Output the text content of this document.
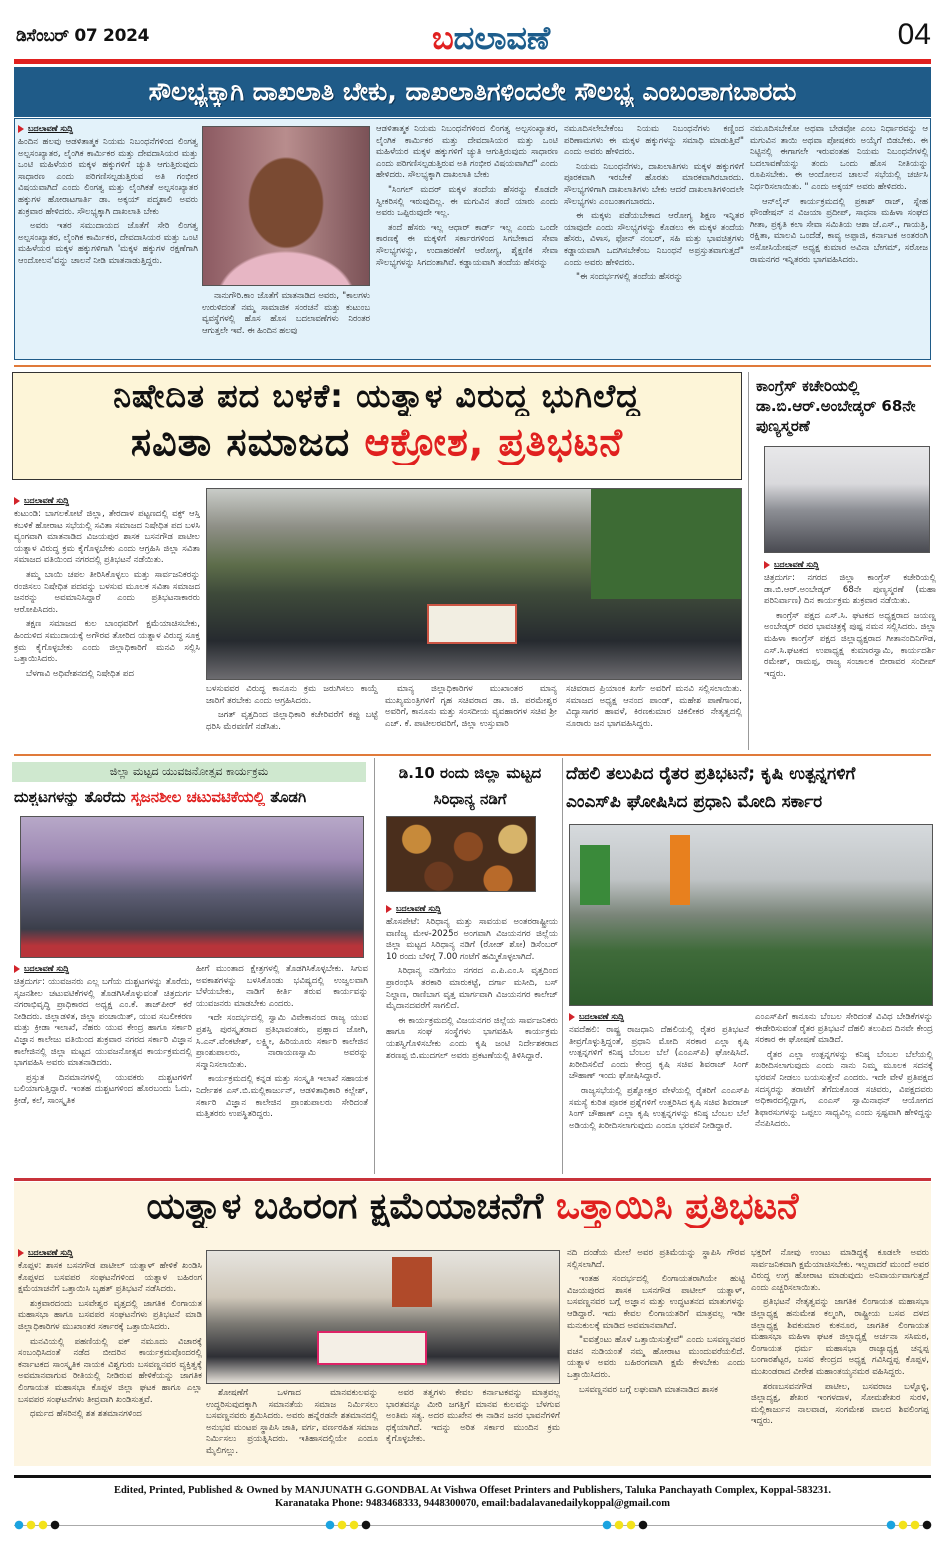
ಡಿಸೆಂಬರ್ 07 2024	ಬದಲಾವಣೆ	04
ಸೌಲಭ್ಯಕ್ಕಾಗಿ ದಾಖಲಾತಿ ಬೇಕು, ದಾಖಲಾತಿಗಳಿಂದಲೇ ಸೌಲಭ್ಯ ಎಂಬಂತಾಗಬಾರದು
ಬದಲಾವಣೆ ಸುದ್ದಿ

ಹಿಂದಿನ ಹಲವು ಆಡಳಿತಾತ್ಮಕ ನಿಯಮ ನಿಬಂಧನೆಗಳಿಂದ ಲಿಂಗತ್ವ ಅಲ್ಪಸಂಖ್ಯಾತರ, ಲೈಂಗಿಕ ಕಾರ್ಮಿಕರ ಮತ್ತು ದೇವದಾಸಿಯರ ಮತ್ತು ಒಂಟಿ ಮಹಿಳೆಯರ ಮಕ್ಕಳ ಹಕ್ಕುಗಳಿಗೆ ಚ್ಯುತಿ ಆಗುತ್ತಿರುವುದು ಸಾಧಾರಣ ಎಂದು ಪರಿಗಣಿಸಲ್ಪಡುತ್ತಿರುವ ಅತಿ ಗಂಭೀರ ವಿಷಯವಾಗಿದೆ ಎಂದು ಲಿಂಗತ್ವ ಮತ್ತು ಲೈಂಗಿಕತೆ ಅಲ್ಪಸಂಖ್ಯಾತರ ಹಕ್ಕುಗಳ ಹೋರಾಟಗಾರ್ತಿ ಡಾ. ಅಕ್ಕಯ್ ಪದ್ಮಶಾಲಿ ಅವರು ಶುಕ್ರವಾರ ಹೇಳಿದರು. ಸೌಲಭ್ಯಕ್ಕಾಗಿ ದಾಖಲಾತಿ ಬೇಕು

ಅವರು ಇತರ ಸಮುದಾಯದ ಜೊತೆಗೆ ಸೇರಿ ಲಿಂಗತ್ವ ಅಲ್ಪಸಂಖ್ಯಾತರ, ಲೈಂಗಿಕ ಕಾರ್ಮಿಕರ, ದೇವದಾಸಿಯರ ಮತ್ತು ಒಂಟಿ ಮಹಿಳೆಯರ ಮಕ್ಕಳ ಹಕ್ಕುಗಳಿಗಾಗಿ 'ಮಕ್ಕಳ ಹಕ್ಕುಗಳ ರಕ್ಷಣೆಗಾಗಿ ಆಂದೋಲನ'ವನ್ನು ಚಾಲನೆ ನೀಡಿ ಮಾತನಾಡುತ್ತಿದ್ದರು.

ನಾನುಗೌರಿ.ಕಾಂ ಜೊತೆಗೆ ಮಾತನಾಡಿದ ಅವರು, "ಕಾಲಗಳು ಉರುಳಿದಂತೆ ನಮ್ಮ ಸಾಮಾಜಿಕ ಸಂರಚನೆ ಮತ್ತು ಕುಟುಂಬ ವ್ಯವಸ್ಥೆಗಳಲ್ಲಿ ಹೊಸ ಹೊಸ ಬದಲಾವಣೆಗಳು ನಿರಂತರ ಆಗುತ್ತಲೇ ಇವೆ. ಈ ಹಿಂದಿನ ಹಲವು

ಆಡಳಿತಾತ್ಮಕ ನಿಯಮ ನಿಬಂಧನೆಗಳಿಂದ ಲಿಂಗತ್ವ ಅಲ್ಪಸಂಖ್ಯಾತರ, ಲೈಂಗಿಕ ಕಾರ್ಮಿಕರ ಮತ್ತು ದೇವದಾಸಿಯರ ಮತ್ತು ಒಂಟಿ ಮಹಿಳೆಯರ ಮಕ್ಕಳ ಹಕ್ಕುಗಳಿಗೆ ಚ್ಯುತಿ ಆಗುತ್ತಿರುವುದು ಸಾಧಾರಣ ಎಂದು ಪರಿಗಣಿಸಲ್ಪಡುತ್ತಿರುವ ಅತಿ ಗಂಭೀರ ವಿಷಯವಾಗಿದೆ" ಎಂದು ಹೇಳಿದರು. ಸೌಲಭ್ಯಕ್ಕಾಗಿ ದಾಖಲಾತಿ ಬೇಕು

"ಸಿಂಗಲ್ ಮದರ್ ಮಕ್ಕಳ ತಂದೆಯ ಹೆಸರನ್ನು ಕೊಡದೇ ಸ್ವೀಕರಿಸಲ್ಲಿ ಇರುವುದಿಲ್ಲ. ಈ ಮಗುವಿನ ತಂದೆ ಯಾರು ಎಂದು ಅವರು ಒಪ್ಪಿರುವುದೇ ಇಲ್ಲ.

ತಂದೆ ಹೆಸರು ಇಲ್ಲ ಆಧಾರ್ ಕಾರ್ಡ್ ಇಲ್ಲ ಎಂದು ಒಂದೇ ಕಾರಣಕ್ಕೆ ಈ ಮಕ್ಕಳಿಗೆ ಸರ್ಕಾರಗಳಿಂದ ಸಿಗಬೇಕಾದ ಸೇವಾ ಸೌಲಭ್ಯಗಳನ್ನು, ಉದಾಹರಣೆಗೆ ಆರೋಗ್ಯ, ಶೈಕ್ಷಣಿಕ ಸೇವಾ ಸೌಲಭ್ಯಗಳನ್ನು ಸಿಗದಂತಾಗಿವೆ. ಕಡ್ಡಾಯವಾಗಿ ತಂದೆಯ ಹೆಸರನ್ನು

ನಮೂದಿಸಲೇಬೇಕೆಂಬ ನಿಯಮ ನಿಬಂಧನೆಗಳು ಕಣ್ಣಿಂದ ಪರಿಣಾಮಗಳು ಈ ಮಕ್ಕಳ ಹಕ್ಕುಗಳನ್ನು ಸಮಾಧಿ ಮಾಡುತ್ತಿವೆ" ಎಂದು ಅವರು ಹೇಳಿದರು.

ನಿಯಮ ನಿಬಂಧನೆಗಳು, ದಾಖಲಾತಿಗಳು ಮಕ್ಕಳ ಹಕ್ಕುಗಳಿಗೆ ಪೂರಕವಾಗಿ ಇರಬೇಕೆ ಹೊರತು ಮಾರಕವಾಗಿರಬಾರದು. ಸೌಲಭ್ಯಗಳಿಗಾಗಿ ದಾಖಲಾತಿಗಳು ಬೇಕು ಆದರೆ ದಾಖಲಾತಿಗಳಿಂದಲೇ ಸೌಲಭ್ಯಗಳು ಎಂಬಂತಾಗಬಾರದು.

ಈ ಮಕ್ಕಳು ಪಡೆಯಬೇಕಾದ ಆರೋಗ್ಯ ಶಿಕ್ಷಣ ಇನ್ನಿತರ ಯಾವುದೇ ಎಂದು ಸೌಲಭ್ಯಗಳನ್ನು ಕೊಡಲು ಈ ಮಕ್ಕಳ ತಂದೆಯ ಹೆಸರು, ವಿಳಾಸ, ಫೋನ್ ನಂಬರ್, ಸಹಿ ಮತ್ತು ಭಾವಚಿತ್ರಗಳು ಕಡ್ಡಾಯವಾಗಿ ಒದಗಿಸಬೇಕೆಂಬ ನಿಬಂಧನೆ ಅಪ್ರಸ್ತುತವಾಗುತ್ತದೆ" ಎಂದು ಅವರು ಹೇಳಿದರು.

"ಈ ಸಂದರ್ಭಗಳಲ್ಲಿ ತಂದೆಯ ಹೆಸರನ್ನು

ನಮೂದಿಸಬೇಕೋ ಅಥವಾ ಬೇಡವೋ ಎಂಬ ನಿರ್ಧಾರವನ್ನು ಆ ಮಗುವಿನ ತಾಯಿ ಅಥವಾ ಪೋಷಕರು ಅಯ್ಕೆಗೆ ಬಿಡಬೇಕು. ಈ ನಿಟ್ಟಿನಲ್ಲಿ ಈಗಾಗಲೇ ಇರುವಂತಹ ನಿಯಮ ನಿಬಂಧನೆಗಳಲ್ಲಿ ಬದಲಾವಣೆಯನ್ನು ತಂದು ಒಂದು ಹೊಸ ನೀತಿಯನ್ನು ರೂಪಿಸಬೇಕು. ಈ ಆಂದೋಲನ ಚಾಲನೆ ಸಭೆಯಲ್ಲಿ ಚರ್ಚಿಸಿ ನಿರ್ಧರಿಸಲಾಯಿತು. " ಎಂದು ಅಕ್ಕಯ್ ಅವರು ಹೇಳಿದರು.

ಆನ್‌ಲೈನ್ ಕಾರ್ಯಕ್ರಮದಲ್ಲಿ ಪ್ರಕಾಶ್ ರಾಜ್, ಸ್ನೇಹ ಫೌಂಡೇಷನ್ ನ ವಿಜಯಾ ಪ್ರದೀಪ್, ಸಾಧನಾ ಮಹಿಳಾ ಸಂಘದ ಗೀತಾ, ಪ್ರಕೃತಿ ಕಲಾ ಸೇವಾ ಸಮಿತಿಯ ಆಶಾ ಜೆ.ಎಸ್., ಗಾಯತ್ರಿ, ರಕ್ಷಿತಾ, ಮಾಲವಿ ಒಂದೆಡೆ, ಕಾವ್ಯ ಅಪ್ಪಾಜಿ, ಕರ್ನಾಟಕ ಅಂತರಂಗಿ ಅಸೋಸಿಯೇಷನ್ ಅಧ್ಯಕ್ಷ ಕುಮಾರ ಅವಿನಾ ಬೇಗಮ್, ಸರೋಜ ರಾಮನಗರ ಇನ್ನಿತರರು ಭಾಗವಹಿಸಿದರು.

ನಿಷೇದಿತ ಪದ ಬಳಕೆ: ಯತ್ನಾಳ ವಿರುದ್ಧ ಭುಗಿಲೆದ್ದ
ಸವಿತಾ ಸಮಾಜದ ಆಕ್ರೋಶ, ಪ್ರತಿಭಟನೆ
ಬದಲಾವಣೆ ಸುದ್ದಿ

ಕುಟುಂಡಿ: ಬಾಗಲಕೋಟೆ ಜಿಲ್ಲಾ, ತೇರದಾಳ ಪಟ್ಟಣದಲ್ಲಿ ವಕ್ಫ್ ಆಸ್ತಿ ಕಬಳಿಕೆ ಹೋರಾಟ ಸಭೆಯಲ್ಲಿ ಸವಿತಾ ಸಮಾಜದ ನಿಷೇಧಿತ ಪದ ಬಳಸಿ ವ್ಯಂಗವಾಗಿ ಮಾತನಾಡಿದ ವಿಜಯಪುರ ಶಾಸಕ ಬಸನಗೌಡ ಪಾಟೀಲ ಯತ್ನಾಳ ವಿರುದ್ಧ ಕ್ರಮ ಕೈಗೊಳ್ಳಬೇಕು ಎಂದು ಆಗ್ರಹಿಸಿ ಜಿಲ್ಲಾ ಸವಿತಾ ಸಮಾಜದ ವತಿಯಿಂದ ನಗರದಲ್ಲಿ ಪ್ರತಿಭಟನೆ ನಡೆಯಿತು.

ತಮ್ಮ ಬಾಯಿ ಚಪಲ ತೀರಿಸಿಕೊಳ್ಳಲು ಮತ್ತು ಸಾರ್ವಜನಿಕರನ್ನು ರಂಜಿಸಲು ನಿಷೇಧಿತ ಪದವನ್ನು ಬಳಸುವ ಮೂಲಕ ಸವಿತಾ ಸಮಾಜದ ಜನರನ್ನು ಅವಮಾನಿಸಿದ್ದಾರೆ ಎಂದು ಪ್ರತಿಭಟನಾಕಾರರು ಆರೋಪಿಸಿದರು.

ತಕ್ಷಣ ಸಮಾಜದ ಕುಲ ಬಾಂಧವರಿಗೆ ಕ್ಷಮೆಯಾಚಿಸಬೇಕು, ಹಿಂದುಳಿದ ಸಮುದಾಯಕ್ಕೆ ಅಗೌರವ ತೋರಿದ ಯತ್ನಾಳ ವಿರುದ್ಧ ಸೂಕ್ತ ಕ್ರಮ ಕೈಗೊಳ್ಳಬೇಕು ಎಂದು ಜಿಲ್ಲಾಧಿಕಾರಿಗೆ ಮನವಿ ಸಲ್ಲಿಸಿ ಒತ್ತಾಯಿಸಿದರು.

ಬೆಳಗಾವಿ ಅಧಿವೇಶನದಲ್ಲಿ ನಿಷೇಧಿತ ಪದ

ಬಳಸುವವರ ವಿರುದ್ಧ ಕಾನೂನು ಕ್ರಮ ಜರುಗಿಸಲು ಕಾಯ್ದೆ ಜಾರಿಗೆ ತರಬೇಕು ಎಂದು ಆಗ್ರಹಿಸಿದರು.

ಜಗತ್ ವೃತ್ತದಿಂದ ಜಿಲ್ಲಾಧಿಕಾರಿ ಕಚೇರಿವರೆಗೆ ಕಪ್ಪು ಬಟ್ಟೆ ಧರಿಸಿ ಮೆರವಣಿಗೆ ನಡೆಸಿತು.

ಮಾನ್ಯ ಜಿಲ್ಲಾಧಿಕಾರಿಗಳ ಮುಖಾಂತರ ಮಾನ್ಯ ಮುಖ್ಯಮಂತ್ರಿಗಳಿಗೆ ಗೃಹ ಸಚಿವರಾದ ಡಾ. ಜಿ. ಪರಮೇಶ್ವರ ಅವರಿಗೆ, ಕಾನೂನು ಮತ್ತು ಸಂಸದೀಯ ವ್ಯವಹಾರಗಳ ಸಚಿವ ಶ್ರೀ ಎಚ್. ಕೆ. ಪಾಟೀಲರವರಿಗೆ, ಜಿಲ್ಲಾ ಉಸ್ತುವಾರಿ

ಸಚಿವರಾದ ಪ್ರಿಯಾಂಕ ಖರ್ಗೆ ಅವರಿಗೆ ಮನವಿ ಸಲ್ಲಿಸಲಾಯಿತು. ಸಮಾಜದ ಅಧ್ಯಕ್ಷ ಆನಂದ ಪಾಂಡ್, ಮಹೇಶ ಪಾಣೆಗಾಂವ, ವಿದ್ಯಾಸಾಗರ ಹಾವಳೆ, ಕಿರಣಕುಮಾರ ಚಿಕಲೀಕರ ನೇತೃತ್ವದಲ್ಲಿ ನೂರಾರು ಜನ ಭಾಗವಹಿಸಿದ್ದರು.

ಕಾಂಗ್ರೆಸ್ ಕಚೇರಿಯಲ್ಲಿ ಡಾ.ಬಿ.ಆರ್.ಅಂಬೇಡ್ಕರ್ 68ನೇ ಪುಣ್ಯಸ್ಮರಣೆ
ಬದಲಾವಣೆ ಸುದ್ದಿ

ಚಿತ್ರದುರ್ಗ: ನಗರದ ಜಿಲ್ಲಾ ಕಾಂಗ್ರೆಸ್ ಕಚೇರಿಯಲ್ಲಿ ಡಾ.ಬಿ.ಆರ್.ಅಂಬೇಡ್ಕರ್ 68ನೇ ಪುಣ್ಯಸ್ಮರಣೆ (ಮಹಾ ಪರಿನಿರ್ವಾಣ) ದಿನ ಕಾರ್ಯಕ್ರಮ ಶುಕ್ರವಾರ ನಡೆಯಿತು.

ಕಾಂಗ್ರೆಸ್ ಪಕ್ಷದ ಎಸ್.ಸಿ. ಘಟಕದ ಅಧ್ಯಕ್ಷರಾದ ಜಯಣ್ಣ ಅಂಬೇಡ್ಕರ್ ರವರ ಭಾವಚಿತ್ರಕ್ಕೆ ಪುಷ್ಪ ನಮನ ಸಲ್ಲಿಸಿದರು. ಜಿಲ್ಲಾ ಮಹಿಳಾ ಕಾಂಗ್ರೆಸ್ ಪಕ್ಷದ ಜಿಲ್ಲಾಧ್ಯಕ್ಷರಾದ ಗೀತಾನಂದಿನಿಗೌಡ, ಎಸ್.ಸಿ.ಘಟಕದ ಉಪಾಧ್ಯಕ್ಷ ಕುಮಾರಸ್ವಾಮಿ, ಕಾರ್ಯದರ್ಶಿ ರಮೇಶ್, ರಾಮಪ್ಪ, ರಾಜ್ಯ ಸಂಚಾಲಕ ಬೀರಾವರ ಸಂದೀಪ್ ಇದ್ದರು.

ಜಿಲ್ಲಾ ಮಟ್ಟದ ಯುವಜನೋತ್ಸವ ಕಾರ್ಯಕ್ರಮ
ದುಶ್ಚಟಗಳನ್ನು ತೊರೆದು ಸೃಜನಶೀಲ ಚಟುವಟಿಕೆಯಲ್ಲಿ ತೊಡಗಿ
ಬದಲಾವಣೆ ಸುದ್ದಿ

ಚಿತ್ರದುರ್ಗ: ಯುವಜನರು ಎಲ್ಲ ಬಗೆಯ ದುಶ್ಚಟಗಳನ್ನು ತೊರೆದು, ಸೃಜನಶೀಲ ಚಟುವಟಿಕೆಗಳಲ್ಲಿ ತೊಡಗಿಸಿಕೊಳ್ಳುವಂತೆ ಚಿತ್ರದುರ್ಗ ನಗರಾಭಿವೃದ್ಧಿ ಪ್ರಾಧಿಕಾರದ ಅಧ್ಯಕ್ಷ ಎಂ.ಕೆ. ತಾಜ್‌ಪೀರ್ ಕರೆ ನೀಡಿದರು. ಜಿಲ್ಲಾಡಳಿತ, ಜಿಲ್ಲಾ ಪಂಚಾಯಿತ್, ಯುವ ಸಬಲೀಕರಣ ಮತ್ತು ಕ್ರೀಡಾ ಇಲಾಖೆ, ನೆಹರು ಯುವ ಕೇಂದ್ರ ಹಾಗೂ ಸರ್ಕಾರಿ ವಿಜ್ಞಾನ ಕಾಲೇಜು ವತಿಯಿಂದ ಶುಕ್ರವಾರ ನಗರದ ಸರ್ಕಾರಿ ವಿಜ್ಞಾನ ಕಾಲೇಜಿನಲ್ಲಿ ಜಿಲ್ಲಾ ಮಟ್ಟದ ಯುವಜನೋತ್ಸವ ಕಾರ್ಯಕ್ರಮದಲ್ಲಿ ಭಾಗವಹಿಸಿ ಅವರು ಮಾತನಾಡಿದರು.

ಪ್ರಸ್ತುತ ದಿನಮಾನಗಳಲ್ಲಿ ಯುವಕರು ದುಶ್ಚಟಗಳಿಗೆ ಬಲಿಯಾಗುತ್ತಿದ್ದಾರೆ. ಇಂತಹ ದುಶ್ಚಟಗಳಿಂದ ಹೊರಬಂದು ಓದು, ಕ್ರೀಡೆ, ಕಲೆ, ಸಾಂಸ್ಕೃತಿಕ

ಹೀಗೆ ಮುಂತಾದ ಕ್ಷೇತ್ರಗಳಲ್ಲಿ ತೊಡಗಿಸಿಕೊಳ್ಳಬೇಕು. ಸಿಗುವ ಅವಕಾಶಗಳನ್ನು ಬಳಸಿಕೊಂಡು ಭವಿಷ್ಯದಲ್ಲಿ ಉಜ್ವಲವಾಗಿ ಬೆಳೆಯಬೇಕು, ನಾಡಿಗೆ ಕೀರ್ತಿ ತರುವ ಕಾರ್ಯವನ್ನು ಯುವಜನರು ಮಾಡಬೇಕು ಎಂದರು.

ಇದೇ ಸಂದರ್ಭದಲ್ಲಿ ಸ್ವಾಮಿ ವಿವೇಕಾನಂದ ರಾಜ್ಯ ಯುವ ಪ್ರಶಸ್ತಿ ಪುರಸ್ಕೃತರಾದ ಪ್ರತಿಭಾವಂತರು, ಪ್ರಹ್ಲಾದ ಜೋಗಿ, ಸಿ.ಎನ್.ವೆಂಕಟೇಶ್, ಲಕ್ಷ್ಮೀ, ಹಿರಿಯೂರು ಸರ್ಕಾರಿ ಕಾಲೇಜಿನ ಪ್ರಾಂಶುಪಾಲರು, ನಾರಾಯಣಸ್ವಾಮಿ ಅವರನ್ನು ಸನ್ಮಾನಿಸಲಾಯಿತು.

ಕಾರ್ಯಕ್ರಮದಲ್ಲಿ ಕನ್ನಡ ಮತ್ತು ಸಂಸ್ಕೃತಿ ಇಲಾಖೆ ಸಹಾಯಕ ನಿರ್ದೇಶಕ ಎಸ್.ಬಿ.ಮಲ್ಲಿಕಾರ್ಜುನ್, ಆಡಳಿತಾಧಿಕಾರಿ ಕಲ್ಲೇಶ್, ಸರ್ಕಾರಿ ವಿಜ್ಞಾನ ಕಾಲೇಜಿನ ಪ್ರಾಂಶುಪಾಲರು ಸೇರಿದಂತೆ ಮತ್ತಿತರರು ಉಪಸ್ಥಿತರಿದ್ದರು.

ಡಿ.10 ರಂದು ಜಿಲ್ಲಾ ಮಟ್ಟದ ಸಿರಿಧಾನ್ಯ ನಡಿಗೆ
ಬದಲಾವಣೆ ಸುದ್ದಿ

ಹೊಸಪೇಟೆ: ಸಿರಿಧಾನ್ಯ ಮತ್ತು ಸಾವಯವ ಅಂತರರಾಷ್ಟ್ರೀಯ ವಾಣಿಜ್ಯ ಮೇಳ-2025ರ ಅಂಗವಾಗಿ ವಿಜಯನಗರ ಜಿಲ್ಲೆಯ ಜಿಲ್ಲಾ ಮಟ್ಟದ ಸಿರಿಧಾನ್ಯ ನಡಿಗೆ (ರೋಡ್ ಶೋ) ಡಿಸೆಂಬರ್ 10 ರಂದು ಬೆಳಿಗ್ಗೆ 7.00 ಗಂಟೆಗೆ ಹಮ್ಮಿಕೊಳ್ಳಲಾಗಿದೆ.

ಸಿರಿಧಾನ್ಯ ನಡಿಗೆಯು ನಗರದ ಎ.ಪಿ.ಎಂ.ಸಿ ವೃತ್ತದಿಂದ ಪ್ರಾರಂಭಿಸಿ ತರಕಾರಿ ಮಾರುಕಟ್ಟೆ, ದರ್ಗಾ ಮಸೀದಿ, ಬಸ್ ನಿಲ್ದಾಣ, ರಾಣಿಬಾಗ ವೃತ್ತ ಮಾರ್ಗವಾಗಿ ವಿಜಯನಗರ ಕಾಲೇಜ್ ಮೈದಾನದವರೆಗೆ ಸಾಗಲಿದೆ.

ಈ ಕಾರ್ಯಕ್ರಮದಲ್ಲಿ ವಿಜಯನಗರ ಜಿಲ್ಲೆಯ ಸಾರ್ವಜನಿಕರು ಹಾಗೂ ಸಂಘ ಸಂಸ್ಥೆಗಳು ಭಾಗವಹಿಸಿ ಕಾರ್ಯಕ್ರಮ ಯಶಸ್ವಿಗೊಳಿಸಬೇಕು ಎಂದು ಕೃಷಿ ಜಂಟಿ ನಿರ್ದೇಶಕರಾದ ಶರಣಪ್ಪ ಬಿ.ಮುದಗಲ್ ಅವರು ಪ್ರಕಟಣೆಯಲ್ಲಿ ತಿಳಿಸಿದ್ದಾರೆ.

ದೆಹಲಿ ತಲುಪಿದ ರೈತರ ಪ್ರತಿಭಟನೆ; ಕೃಷಿ ಉತ್ಪನ್ನಗಳಿಗೆ
ಎಂಎಸ್‌ಪಿ ಘೋಷಿಸಿದ ಪ್ರಧಾನಿ ಮೋದಿ ಸರ್ಕಾರ
ಬದಲಾವಣೆ ಸುದ್ದಿ

ನವದೆಹಲಿ: ರಾಷ್ಟ್ರ ರಾಜಧಾನಿ ದೆಹಲಿಯಲ್ಲಿ ರೈತರ ಪ್ರತಿಭಟನೆ ತೀವ್ರಗೊಳ್ಳುತ್ತಿದ್ದಂತೆ, ಪ್ರಧಾನಿ ಮೋದಿ ಸರಕಾರ ಎಲ್ಲಾ ಕೃಷಿ ಉತ್ಪನ್ನಗಳಿಗೆ ಕನಿಷ್ಠ ಬೆಂಬಲ ಬೆಲೆ (ಎಂಎಸ್‌ಪಿ) ಘೋಷಿಸಿದೆ. ಖರೀದಿಸಲಿದೆ ಎಂದು ಕೇಂದ್ರ ಕೃಷಿ ಸಚಿವ ಶಿವರಾಜ್ ಸಿಂಗ್ ಚೌಹಾಣ್ ಇಂದು ಘೋಷಿಸಿದ್ದಾರೆ.

ರಾಜ್ಯಸಭೆಯಲ್ಲಿ ಪ್ರಶ್ನೋತ್ತರ ವೇಳೆಯಲ್ಲಿ ರೈತರಿಗೆ ಎಂಎಸ್‌ಪಿ ಸಮಸ್ಯೆ ಕುರಿತ ಪೂರಕ ಪ್ರಶ್ನೆಗಳಿಗೆ ಉತ್ತರಿಸಿದ ಕೃಷಿ ಸಚಿವ ಶಿವರಾಜ್ ಸಿಂಗ್ ಚೌಹಾಣ್ ಎಲ್ಲಾ ಕೃಷಿ ಉತ್ಪನ್ನಗಳನ್ನು ಕನಿಷ್ಠ ಬೆಂಬಲ ಬೆಲೆ ಅಡಿಯಲ್ಲಿ ಖರೀದಿಸಲಾಗುವುದು ಎಂದೂ ಭರವಸೆ ನೀಡಿದ್ದಾರೆ.

ಎಂಎಸ್‌ಪಿಗೆ ಕಾನೂನು ಬೆಂಬಲ ಸೇರಿದಂತೆ ವಿವಿಧ ಬೇಡಿಕೆಗಳನ್ನು ಈಡೇರಿಸುವಂತೆ ರೈತರ ಪ್ರತಿಭಟನೆ ದೆಹಲಿ ತಲುಪಿದ ದಿನವೇ ಕೇಂದ್ರ ಸರಕಾರ ಈ ಘೋಷಣೆ ಮಾಡಿದೆ.

ರೈತರ ಎಲ್ಲಾ ಉತ್ಪನ್ನಗಳನ್ನು ಕನಿಷ್ಠ ಬೆಂಬಲ ಬೆಲೆಯಲ್ಲಿ ಖರೀದಿಸಲಾಗುವುದು ಎಂದು ನಾನು ನಿಮ್ಮ ಮೂಲಕ ಸದನಕ್ಕೆ ಭರವಸೆ ನೀಡಲು ಬಯಸುತ್ತೇನೆ ಎಂದರು. ಇದೇ ವೇಳೆ ಪ್ರತಿಪಕ್ಷದ ಸದಸ್ಯರನ್ನು ತರಾಟೆಗೆ ತೆಗೆದುಕೊಂಡ ಸಚಿವರು, ವಿಪಕ್ಷದವರು ಅಧಿಕಾರದಲ್ಲಿದ್ದಾಗ, ಎಂಎಸ್ ಸ್ವಾಮಿನಾಥನ್ ಆಯೋಗದ ಶಿಫಾರಸುಗಳನ್ನು ಒಪ್ಪಲು ಸಾಧ್ಯವಿಲ್ಲ ಎಂದು ಸ್ಪಷ್ಟವಾಗಿ ಹೇಳಿದ್ದನ್ನು ನೆನಪಿಸಿದರು.

ಯತ್ನಾಳ ಬಹಿರಂಗ ಕ್ಷಮೆಯಾಚನೆಗೆ ಒತ್ತಾಯಿಸಿ ಪ್ರತಿಭಟನೆ
ಬದಲಾವಣೆ ಸುದ್ದಿ

ಕೊಪ್ಪಳ: ಶಾಸಕ ಬಸನಗೌಡ ಪಾಟೀಲ್ ಯತ್ನಾಳ್ ಹೇಳಿಕೆ ಖಂಡಿಸಿ ಕೊಪ್ಪಳದ ಬಸವಪರ ಸಂಘಟನೆಗಳಿಂದ ಯತ್ನಾಳ ಬಹಿರಂಗ ಕ್ಷಮೆಯಾಚನೆಗೆ ಒತ್ತಾಯಿಸಿ ಬೃಹತ್ ಪ್ರತಿಭಟನೆ ನಡೆಸಿದರು.

ಶುಕ್ರವಾರದಂದು ಬಸವೇಶ್ವರ ವೃತ್ತದಲ್ಲಿ ಜಾಗತಿಕ ಲಿಂಗಾಯತ ಮಹಾಸಭಾ ಹಾಗೂ ಬಸವಪರ ಸಂಘಟನೆಗಳು ಪ್ರತಿಭಟನೆ ಮಾಡಿ ಜಿಲ್ಲಾಧಿಕಾರಿಗಳ ಮುಖಾಂತರ ಸರ್ಕಾರಕ್ಕೆ ಒತ್ತಾಯಿಸಿದರು.

ಮನವಿಯಲ್ಲಿ ಪಹಣಿಯಲ್ಲಿ ವಕ್ ನಮೂದು ವಿಚಾರಕ್ಕೆ ಸಂಬಂಧಿಸಿದಂತೆ ನಡೆದ ಬೀದರಿನ ಕಾರ್ಯಕ್ರಮವೊಂದರಲ್ಲಿ ಕರ್ನಾಟಕದ ಸಾಂಸ್ಕೃತಿಕ ನಾಯಕ ವಿಶ್ವಗುರು ಬಸವಣ್ಣನವರ ವ್ಯಕ್ತಿತ್ವಕ್ಕೆ ಅವಮಾನವಾಗುವ ರೀತಿಯಲ್ಲಿ ನೀಡಿರುವ ಹೇಳಿಕೆಯನ್ನು ಜಾಗತಿಕ ಲಿಂಗಾಯತ ಮಹಾಸಭಾ ಕೊಪ್ಪಳ ಜಿಲ್ಲಾ ಘಟಕ ಹಾಗೂ ಎಲ್ಲಾ ಬಸವಪರ ಸಂಘಟನೆಗಳು ತೀವ್ರವಾಗಿ ಖಂಡಿಸುತ್ತವೆ.

ಧರ್ಮದ ಹೆಸರಿನಲ್ಲಿ ಶತ ಶತಮಾನಗಳಿಂದ

ಶೋಷಣೆಗೆ ಒಳಗಾದ ಮಾನವಕುಲವನ್ನು ಉದ್ಧರಿಸುವುದಕ್ಕಾಗಿ ಸಮಾನತೆಯ ಸಮಾಜ ನಿರ್ಮಿಸಲು ಬಸವಣ್ಣನವರು ಶ್ರಮಿಸಿದರು. ಅವರು ಹನ್ನೆರಡನೇ ಶತಮಾನದಲ್ಲಿ ಅನುಭವ ಮಂಟಪ ಸ್ಥಾಪಿಸಿ ಜಾತಿ, ವರ್ಗ, ವರ್ಣರಹಿತ ಸಮಾಜ ನಿರ್ಮಿಸಲು ಪ್ರಯತ್ನಿಸಿದರು. ಇತಿಹಾಸದಲ್ಲಿಯೇ ಎಂದೂ ಮೈಲಿಗಲ್ಲು.

ಅವರ ತತ್ವಗಳು ಕೇವಲ ಕರ್ನಾಟಕವನ್ನು ಮಾತ್ರವಲ್ಲ ಭಾರತವನ್ನೂ ಮೀರಿ ಜಗತ್ತಿಗೆ ಮಾನವ ಕುಲವನ್ನು ಬೆಳಗುವ ಅಂತಿಮ ಸತ್ಯ. ಅದರ ಮುಖೇನ ಈ ನಾಡಿನ ಜನರ ಭಾವನೆಗಳಿಗೆ ಧಕ್ಕೆಯಾಗಿದೆ. ಇದನ್ನು ಅರಿತ ಸರ್ಕಾರ ಮುಂದಿನ ಕ್ರಮ ಕೈಗೊಳ್ಳಬೇಕು.

ನದಿ ದಂಡೆಯ ಮೇಲೆ ಅವರ ಪ್ರತಿಮೆಯನ್ನು ಸ್ಥಾಪಿಸಿ ಗೌರವ ಸಲ್ಲಿಸಲಾಗಿದೆ.

ಇಂತಹ ಸಂದರ್ಭದಲ್ಲಿ ಲಿಂಗಾಯತರಾಗಿಯೇ ಹುಟ್ಟಿ ವಿಜಯಪುರದ ಶಾಸಕ ಬಸನಗೌಡ ಪಾಟೀಲ್ ಯತ್ನಾಳ್, ಬಸವಣ್ಣನವರ ಬಗ್ಗೆ ಅಜ್ಞಾನ ಮತ್ತು ಉದ್ಧಟತನದ ಮಾತುಗಳನ್ನು ಆಡಿದ್ದಾರೆ. ಇದು ಕೇವಲ ಲಿಂಗಾಯತರಿಗೆ ಮಾತ್ರವಲ್ಲ ಇಡೀ ಮನುಕುಲಕ್ಕೆ ಮಾಡಿದ ಅವಮಾನವಾಗಿದೆ.

"ಐವತ್ತೆಂಟು ಹೊಳೆ ಒತ್ತಾಯಿಸುತ್ತೇವೆ" ಎಂದು ಬಸವಣ್ಣನವರ ವಚನ ನುಡಿಯಂತೆ ನಮ್ಮ ಹೋರಾಟ ಮುಂದುವರೆಯಲಿದೆ. ಯತ್ನಾಳ ಅವರು ಬಹಿರಂಗವಾಗಿ ಕ್ಷಮೆ ಕೇಳಬೇಕು ಎಂದು ಒತ್ತಾಯಿಸಿದರು.

ಬಸವಣ್ಣನವರ ಬಗ್ಗೆ ಲಘುವಾಗಿ ಮಾತನಾಡಿದ ಶಾಸಕ

ಭಕ್ತರಿಗೆ ನೋವು ಉಂಟು ಮಾಡಿದ್ದಕ್ಕೆ ಕೂಡಲೇ ಅವರು ಸಾರ್ವಜನಿಕವಾಗಿ ಕ್ಷಮೆಯಾಚಿಸಬೇಕು. ಇಲ್ಲವಾದರೆ ಮುಂದೆ ಅವರ ವಿರುದ್ಧ ಉಗ್ರ ಹೋರಾಟ ಮಾಡುವುದು ಅನಿವಾರ್ಯವಾಗುತ್ತದೆ ಎಂದು ಎಚ್ಚರಿಸಲಾಯಿತು.

ಪ್ರತಿಭಟನೆ ನೇತೃತ್ವವನ್ನು ಜಾಗತಿಕ ಲಿಂಗಾಯತ ಮಹಾಸಭಾ ಜಿಲ್ಲಾಧ್ಯಕ್ಷ ಹನುಮೇಶ ಕಲ್ಮಂಗಿ, ರಾಷ್ಟ್ರೀಯ ಬಸವ ದಳದ ಜಿಲ್ಲಾಧ್ಯಕ್ಷ ಶಿವಕುಮಾರ ಕುಕನೂರ, ಜಾಗತಿಕ ಲಿಂಗಾಯತ ಮಹಾಸಭಾ ಮಹಿಳಾ ಘಟಕ ಜಿಲ್ಲಾಧ್ಯಕ್ಷೆ ಅರ್ಚನಾ ಸಸಿಮಠ, ಲಿಂಗಾಯತ ಧರ್ಮ ಮಹಾಸಭಾ ರಾಜ್ಯಾಧ್ಯಕ್ಷ ಚನ್ನಪ್ಪ ಬಂಗಾರಶೆಟ್ಟರ, ಬಸವ ಕೇಂದ್ರದ ಅಧ್ಯಕ್ಷ ಗವಿಸಿದ್ದಪ್ಪ ಕೊಪ್ಪಳ, ಮುಖಂಡರಾದ ವೀರೇಶ ಮಹಾಂತಯ್ಯನಮಠ ವಹಿಸಿದ್ದರು.

ಶರಣಬಸವನಗೌಡ ಪಾಟೀಲ, ಬಸವರಾಜ ಬಳ್ಳೊಳ್ಳಿ, ಜಿಲ್ಲಾದ್ಯಕ್ಷ, ಶೇಖರ ಇಂಗಳದಾಳ, ಸೋಮಶೇಖರ ಸುರಳಿ, ಮಲ್ಲಿಕಾರ್ಜುನ ನಾಲವಾಡ, ಸಂಗಮೇಶ ವಾಲದ ಶಿವಲಿಂಗಪ್ಪ ಇದ್ದರು.

Edited, Printed, Published & Owned by MANJUNATH G.GONDBAL At Vishwa Offeset Printers and Publishers, Taluka Panchayath Complex, Koppal-583231.
Karanataka Phone: 9483468333, 9448300070, email:badalavanedailykoppal@gmail.com
